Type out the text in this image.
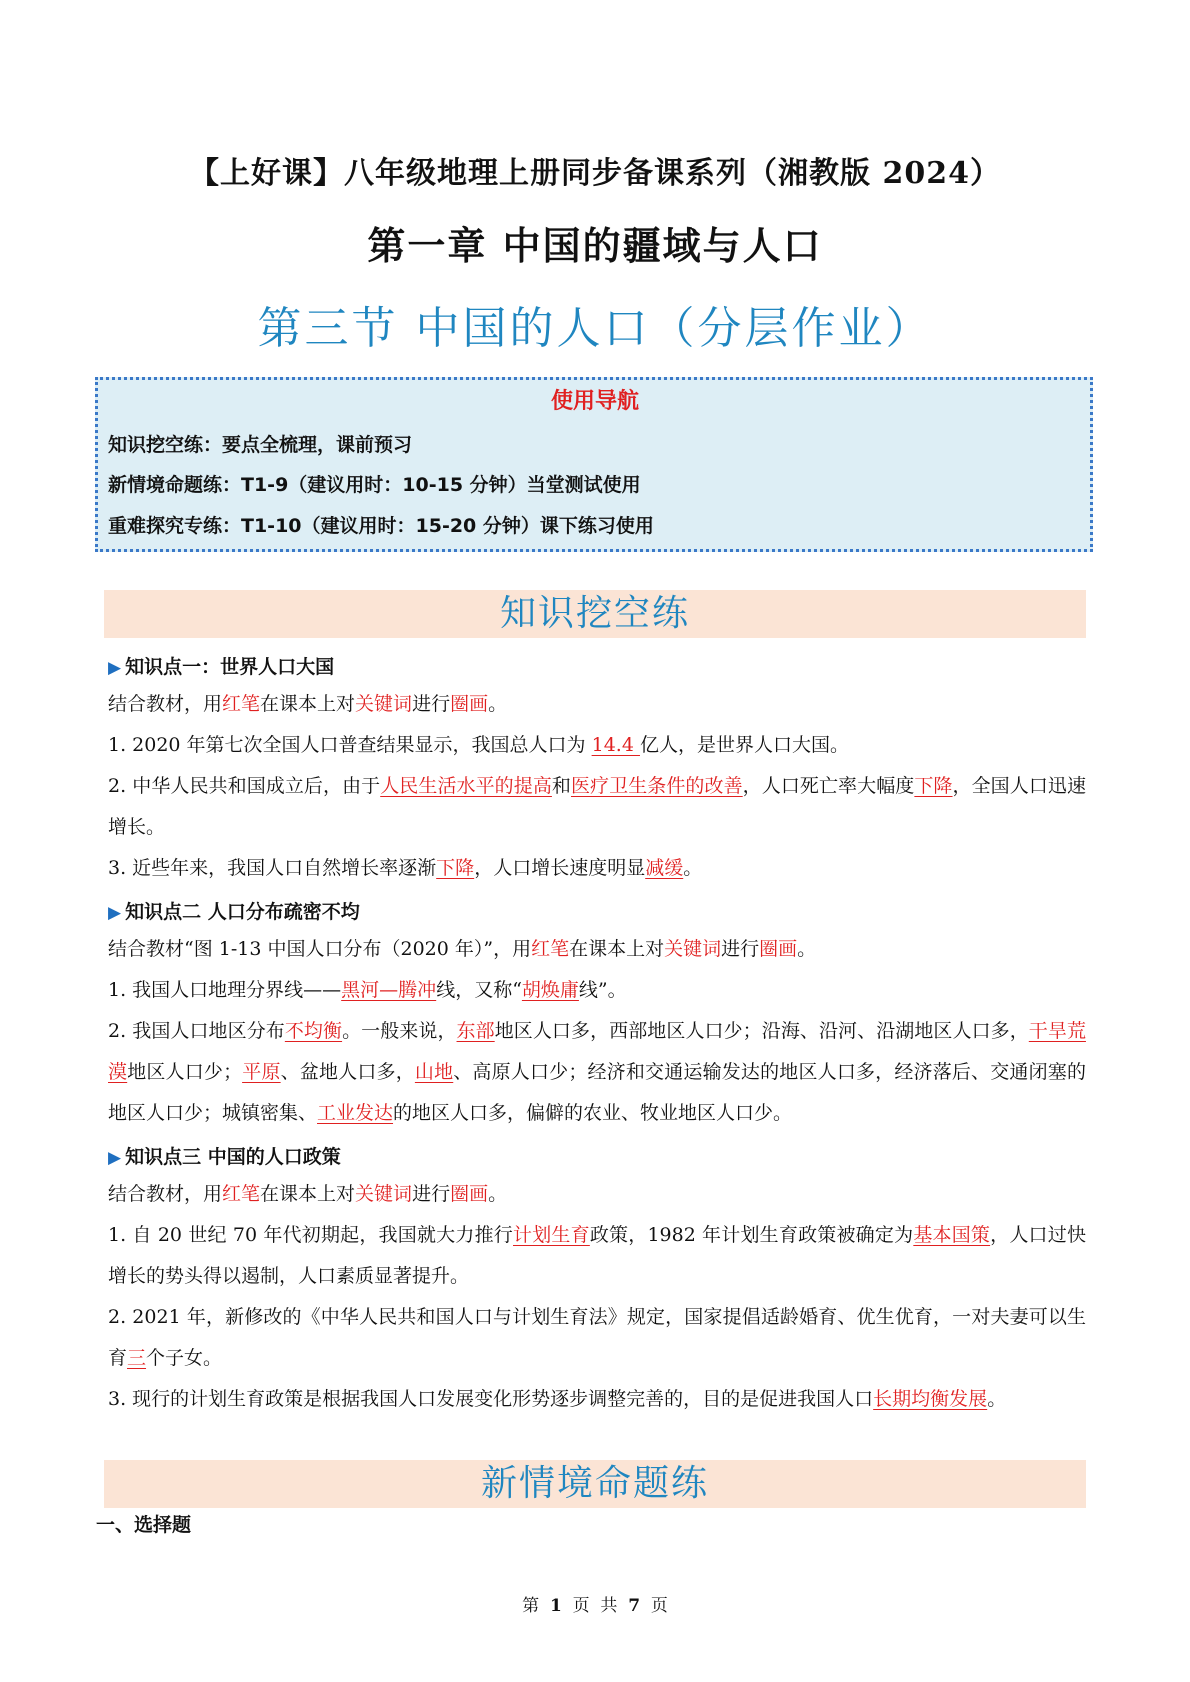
【上好课】八年级地理上册同步备课系列（湘教版 2024）
第一章 中国的疆域与人口
第三节 中国的人口（分层作业）
使用导航
知识挖空练：要点全梳理，课前预习
新情境命题练：T1-9（建议用时：10-15 分钟）当堂测试使用
重难探究专练：T1-10（建议用时：15-20 分钟）课下练习使用
知识挖空练
▶ 知识点一：世界人口大国
结合教材，用红笔在课本上对关键词进行圈画。
1. 2020 年第七次全国人口普查结果显示，我国总人口为 14.4 亿人，是世界人口大国。
2. 中华人民共和国成立后，由于人民生活水平的提高和医疗卫生条件的改善，人口死亡率大幅度下降，全国人口迅速增长。
3. 近些年来，我国人口自然增长率逐渐下降，人口增长速度明显减缓。
▶ 知识点二 人口分布疏密不均
结合教材“图 1-13 中国人口分布（2020 年）”，用红笔在课本上对关键词进行圈画。
1. 我国人口地理分界线——黑河—腾冲线，又称“胡焕庸线”。
2. 我国人口地区分布不均衡。一般来说，东部地区人口多，西部地区人口少；沿海、沿河、沿湖地区人口多，干旱荒漠地区人口少；平原、盆地人口多，山地、高原人口少；经济和交通运输发达的地区人口多，经济落后、交通闭塞的地区人口少；城镇密集、工业发达的地区人口多，偏僻的农业、牧业地区人口少。
▶ 知识点三 中国的人口政策
结合教材，用红笔在课本上对关键词进行圈画。
1. 自 20 世纪 70 年代初期起，我国就大力推行计划生育政策，1982 年计划生育政策被确定为基本国策，人口过快增长的势头得以遏制，人口素质显著提升。
2. 2021 年，新修改的《中华人民共和国人口与计划生育法》规定，国家提倡适龄婚育、优生优育，一对夫妻可以生育三个子女。
3. 现行的计划生育政策是根据我国人口发展变化形势逐步调整完善的，目的是促进我国人口长期均衡发展。
新情境命题练
一、选择题
第 1 页 共 7 页
